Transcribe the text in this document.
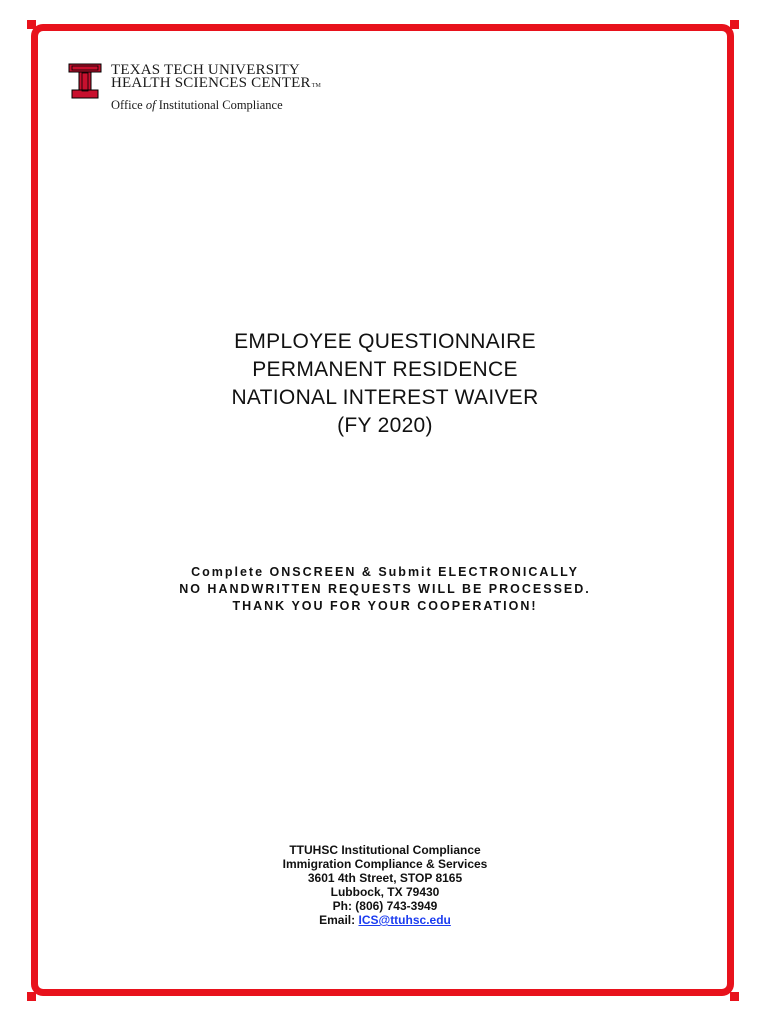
TEXAS TECH UNIVERSITY
HEALTH SCIENCES CENTERTM
Office of Institutional Compliance

EMPLOYEE QUESTIONNAIRE

PERMANENT RESIDENCE

NATIONAL INTEREST WAIVER

(FY 2020)

Complete ONSCREEN & Submit ELECTRONICALLY

NO HANDWRITTEN REQUESTS WILL BE PROCESSED.

THANK YOU FOR YOUR COOPERATION!

TTUHSC Institutional Compliance

Immigration Compliance & Services

3601 4th Street, STOP 8165

Lubbock, TX 79430

Ph: (806) 743-3949

Email: ICS@ttuhsc.edu
